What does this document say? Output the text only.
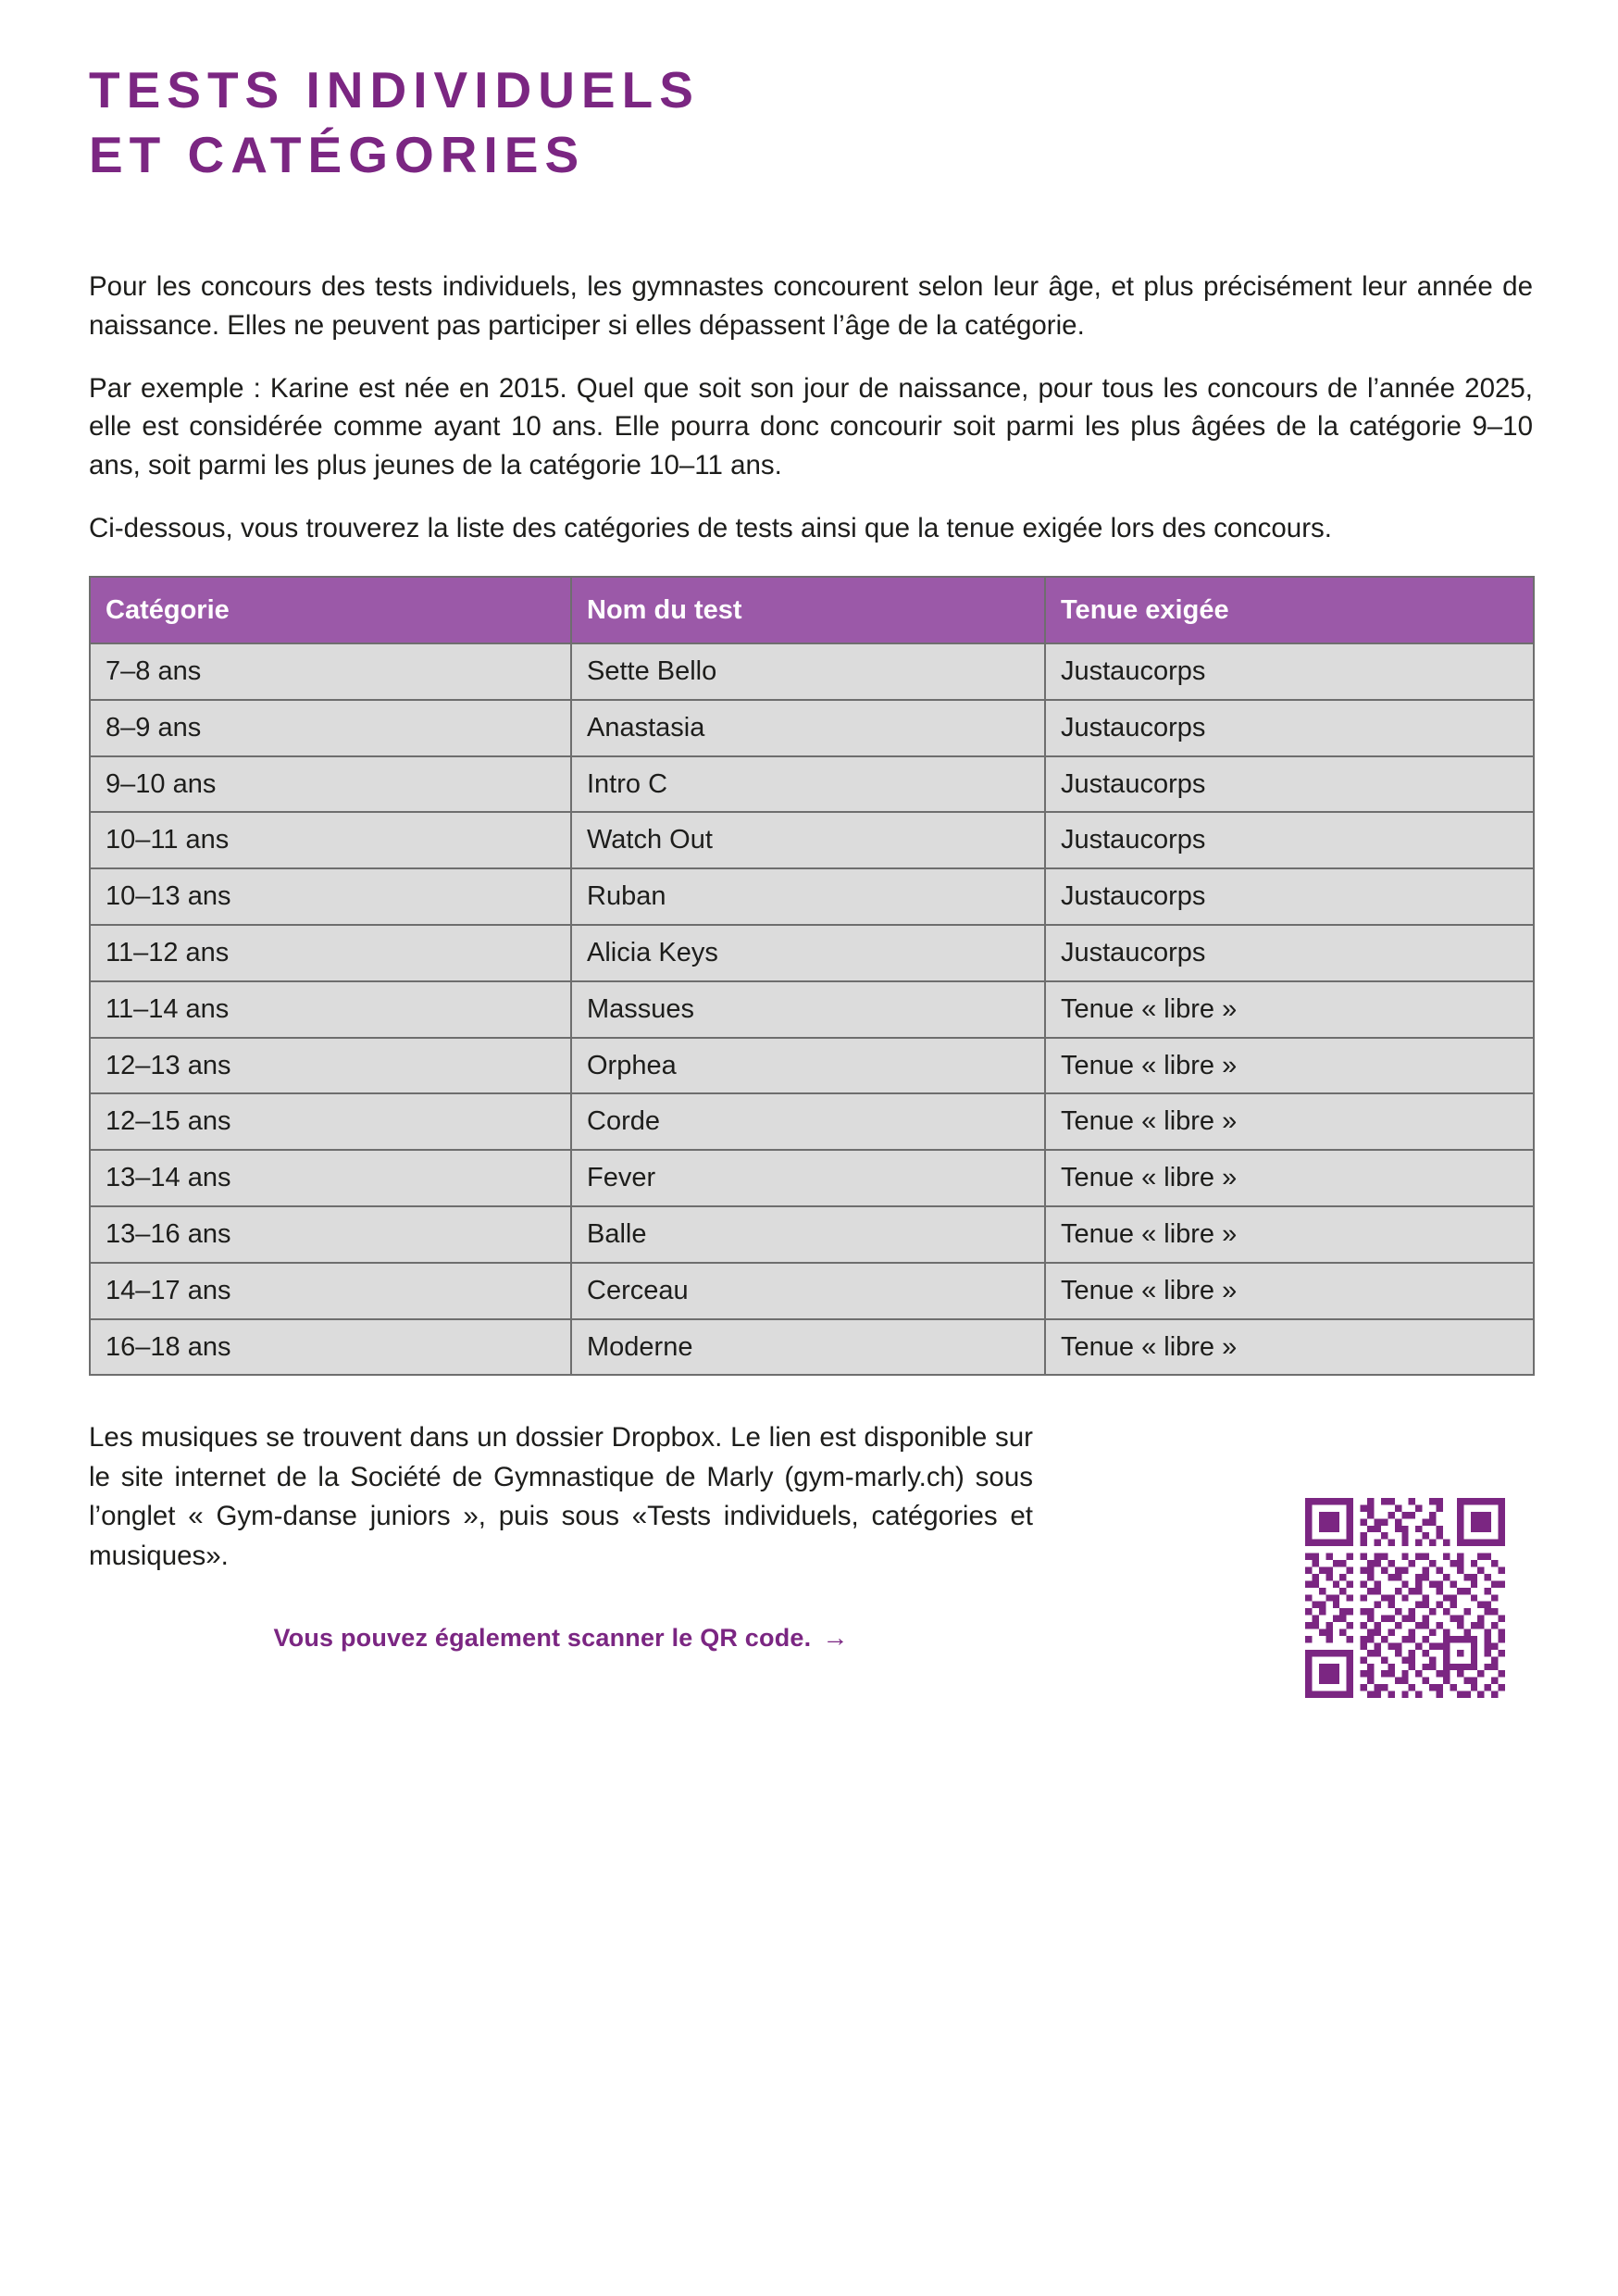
TESTS INDIVIDUELS
ET CATÉGORIES

Pour les concours des tests individuels, les gymnastes concourent selon leur âge, et plus précisément leur année de naissance. Elles ne peuvent pas participer si elles dépassent l’âge de la catégorie.

Par exemple : Karine est née en 2015. Quel que soit son jour de naissance, pour tous les concours de l’année 2025, elle est considérée comme ayant 10 ans. Elle pourra donc concourir soit parmi les plus âgées de la catégorie 9–10 ans, soit parmi les plus jeunes de la catégorie 10–11 ans.

Ci-dessous, vous trouverez la liste des catégories de tests ainsi que la tenue exigée lors des concours.

Catégorie	Nom du test	Tenue exigée
7–8 ans	Sette Bello	Justaucorps
8–9 ans	Anastasia	Justaucorps
9–10 ans	Intro C	Justaucorps
10–11 ans	Watch Out	Justaucorps
10–13 ans	Ruban	Justaucorps
11–12 ans	Alicia Keys	Justaucorps
11–14 ans	Massues	Tenue « libre »
12–13 ans	Orphea	Tenue « libre »
12–15 ans	Corde	Tenue « libre »
13–14 ans	Fever	Tenue « libre »
13–16 ans	Balle	Tenue « libre »
14–17 ans	Cerceau	Tenue « libre »
16–18 ans	Moderne	Tenue « libre »

Les musiques se trouvent dans un dossier Dropbox. Le lien est disponible sur le site internet de la Société de Gymnastique de Marly (gym-marly.ch) sous l’onglet « Gym-danse juniors », puis sous «Tests individuels, catégories et musiques».

Vous pouvez également scanner le QR code. →
